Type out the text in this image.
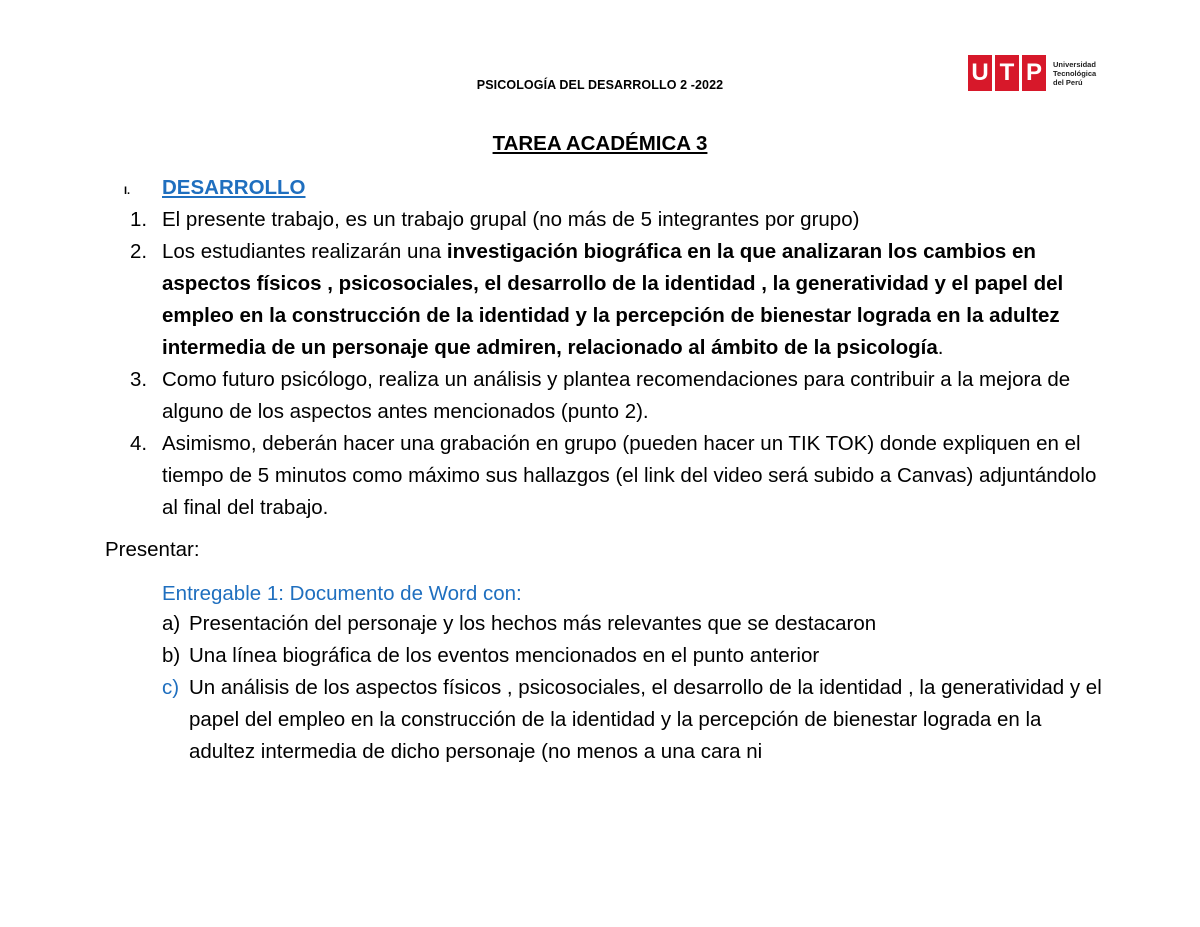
PSICOLOGÍA DEL DESARROLLO 2 -2022	U T P	Universidad
Tecnológica
del Perú
TAREA ACADÉMICA 3
I.	DESARROLLO
1. El presente trabajo, es un trabajo grupal (no más de 5 integrantes por grupo)
2. Los estudiantes realizarán una investigación biográfica en la que analizaran los cambios en aspectos físicos , psicosociales, el desarrollo de la identidad , la generatividad y el papel del empleo en la construcción de la identidad y la percepción de bienestar lograda en la adultez intermedia de un personaje que admiren, relacionado al ámbito de la psicología.
3. Como futuro psicólogo, realiza un análisis y plantea recomendaciones para contribuir a la mejora de alguno de los aspectos antes mencionados (punto 2).
4. Asimismo, deberán hacer una grabación en grupo (pueden hacer un TIK TOK) donde expliquen en el tiempo de 5 minutos como máximo sus hallazgos (el link del video será subido a Canvas) adjuntándolo al final del trabajo.
Presentar:
Entregable 1: Documento de Word con:
a) Presentación del personaje y los hechos más relevantes que se destacaron
b) Una línea biográfica de los eventos mencionados en el punto anterior
c) Un análisis de los aspectos físicos , psicosociales, el desarrollo de la identidad , la generatividad y el papel del empleo en la construcción de la identidad y la percepción de bienestar lograda en la adultez intermedia de dicho personaje (no menos a una cara ni
